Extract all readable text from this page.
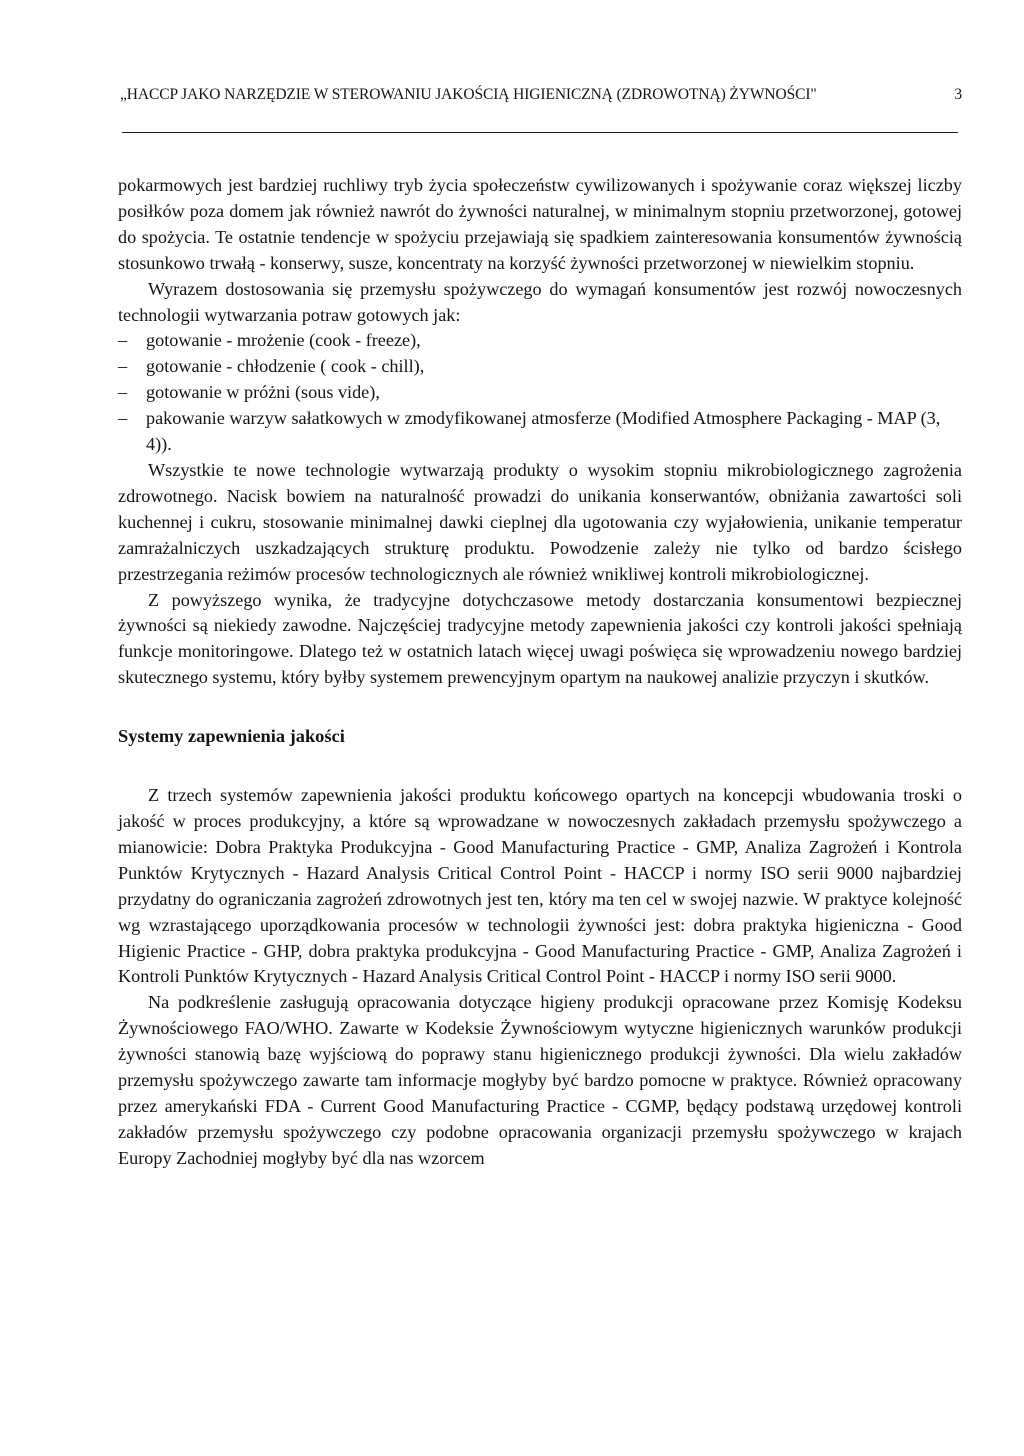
„HACCP JAKO NARZĘDZIE W STEROWANIU JAKOŚCIĄ HIGIENICZNĄ (ZDROWOTNĄ) ŻYWNOŚCI"	3

pokarmowych jest bardziej ruchliwy tryb życia społeczeństw cywilizowanych i spożywanie coraz większej liczby posiłków poza domem jak również nawrót do żywności naturalnej, w minimalnym stopniu przetworzonej, gotowej do spożycia. Te ostatnie tendencje w spożyciu przejawiają się spadkiem zainteresowania konsumentów żywnością stosunkowo trwałą - konserwy, susze, koncentraty na korzyść żywności przetworzonej w niewielkim stopniu.

Wyrazem dostosowania się przemysłu spożywczego do wymagań konsumentów jest rozwój nowoczesnych technologii wytwarzania potraw gotowych jak:

– gotowanie - mrożenie (cook - freeze),
– gotowanie - chłodzenie ( cook - chill),
– gotowanie w próżni (sous vide),
– pakowanie warzyw sałatkowych w zmodyfikowanej atmosferze (Modified Atmosphere Packaging - MAP (3, 4)).

Wszystkie te nowe technologie wytwarzają produkty o wysokim stopniu mikrobiologicznego zagrożenia zdrowotnego. Nacisk bowiem na naturalność prowadzi do unikania konserwantów, obniżania zawartości soli kuchennej i cukru, stosowanie minimalnej dawki cieplnej dla ugotowania czy wyjałowienia, unikanie temperatur zamrażalniczych uszkadzających strukturę produktu. Powodzenie zależy nie tylko od bardzo ścisłego przestrzegania reżimów procesów technologicznych ale również wnikliwej kontroli mikrobiologicznej.

Z powyższego wynika, że tradycyjne dotychczasowe metody dostarczania konsumentowi bezpiecznej żywności są niekiedy zawodne. Najczęściej tradycyjne metody zapewnienia jakości czy kontroli jakości spełniają funkcje monitoringowe. Dlatego też w ostatnich latach więcej uwagi poświęca się wprowadzeniu nowego bardziej skutecznego systemu, który byłby systemem prewencyjnym opartym na naukowej analizie przyczyn i skutków.

Systemy zapewnienia jakości

Z trzech systemów zapewnienia jakości produktu końcowego opartych na koncepcji wbudowania troski o jakość w proces produkcyjny, a które są wprowadzane w nowoczesnych zakładach przemysłu spożywczego a mianowicie: Dobra Praktyka Produkcyjna - Good Manufacturing Practice - GMP, Analiza Zagrożeń i Kontrola Punktów Krytycznych - Hazard Analysis Critical Control Point - HACCP i normy ISO serii 9000 najbardziej przydatny do ograniczania zagrożeń zdrowotnych jest ten, który ma ten cel w swojej nazwie. W praktyce kolejność wg wzrastającego uporządkowania procesów w technologii żywności jest: dobra praktyka higieniczna - Good Higienic Practice - GHP, dobra praktyka produkcyjna - Good Manufacturing Practice - GMP, Analiza Zagrożeń i Kontroli Punktów Krytycznych - Hazard Analysis Critical Control Point - HACCP i normy ISO serii 9000.

Na podkreślenie zasługują opracowania dotyczące higieny produkcji opracowane przez Komisję Kodeksu Żywnościowego FAO/WHO. Zawarte w Kodeksie Żywnościowym wytyczne higienicznych warunków produkcji żywności stanowią bazę wyjściową do poprawy stanu higienicznego produkcji żywności. Dla wielu zakładów przemysłu spożywczego zawarte tam informacje mogłyby być bardzo pomocne w praktyce. Również opracowany przez amerykański FDA - Current Good Manufacturing Practice - CGMP, będący podstawą urzędowej kontroli zakładów przemysłu spożywczego czy podobne opracowania organizacji przemysłu spożywczego w krajach Europy Zachodniej mogłyby być dla nas wzorcem
